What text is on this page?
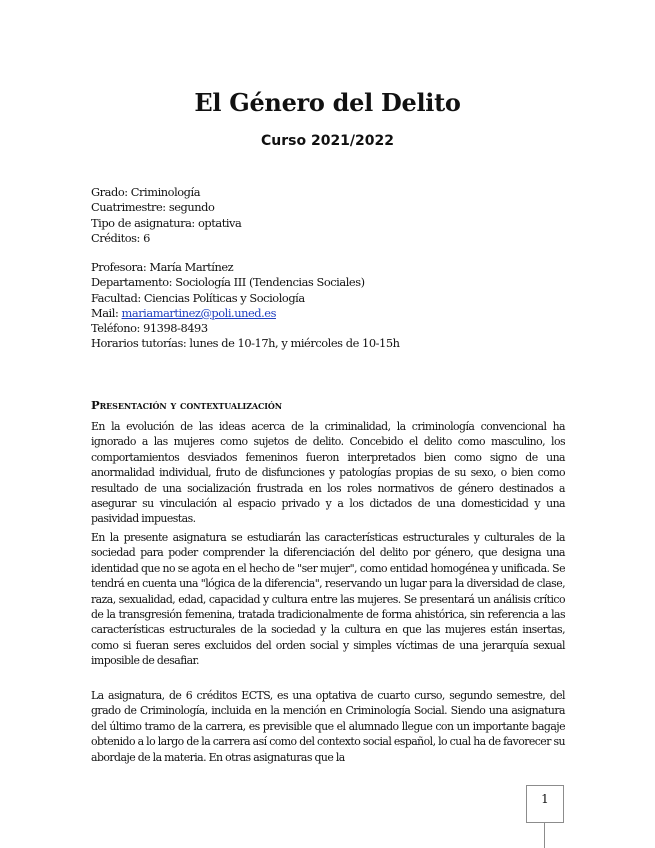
El Género del Delito
Curso 2021/2022
Grado: Criminología
Cuatrimestre: segundo
Tipo de asignatura: optativa
Créditos: 6
Profesora: María Martínez
Departamento: Sociología III (Tendencias Sociales)
Facultad: Ciencias Políticas y Sociología
Mail: mariamartinez@poli.uned.es
Teléfono: 91398-8493
Horarios tutorías: lunes de 10-17h, y miércoles de 10-15h
Presentación y contextualización

En la evolución de las ideas acerca de la criminalidad, la criminología convencional ha ignorado a las mujeres como sujetos de delito. Concebido el delito como masculino, los comportamientos desviados femeninos fueron interpretados bien como signo de una anormalidad individual, fruto de disfunciones y patologías propias de su sexo, o bien como resultado de una socialización frustrada en los roles normativos de género destinados a asegurar su vinculación al espacio privado y a los dictados de una domesticidad y una pasividad impuestas.

En la presente asignatura se estudiarán las características estructurales y culturales de la sociedad para poder comprender la diferenciación del delito por género, que designa una identidad que no se agota en el hecho de "ser mujer", como entidad homogénea y unificada. Se tendrá en cuenta una "lógica de la diferencia", reservando un lugar para la diversidad de clase, raza, sexualidad, edad, capacidad y cultura entre las mujeres. Se presentará un análisis crítico de la transgresión femenina, tratada tradicionalmente de forma ahistórica, sin referencia a las características estructurales de la sociedad y la cultura en que las mujeres están insertas, como si fueran seres excluidos del orden social y simples víctimas de una jerarquía sexual imposible de desafiar.

La asignatura, de 6 créditos ECTS, es una optativa de cuarto curso, segundo semestre, del grado de Criminología, incluida en la mención en Criminología Social. Siendo una asignatura del último tramo de la carrera, es previsible que el alumnado llegue con un importante bagaje obtenido a lo largo de la carrera así como del contexto social español, lo cual ha de favorecer su abordaje de la materia. En otras asignaturas que la

1
